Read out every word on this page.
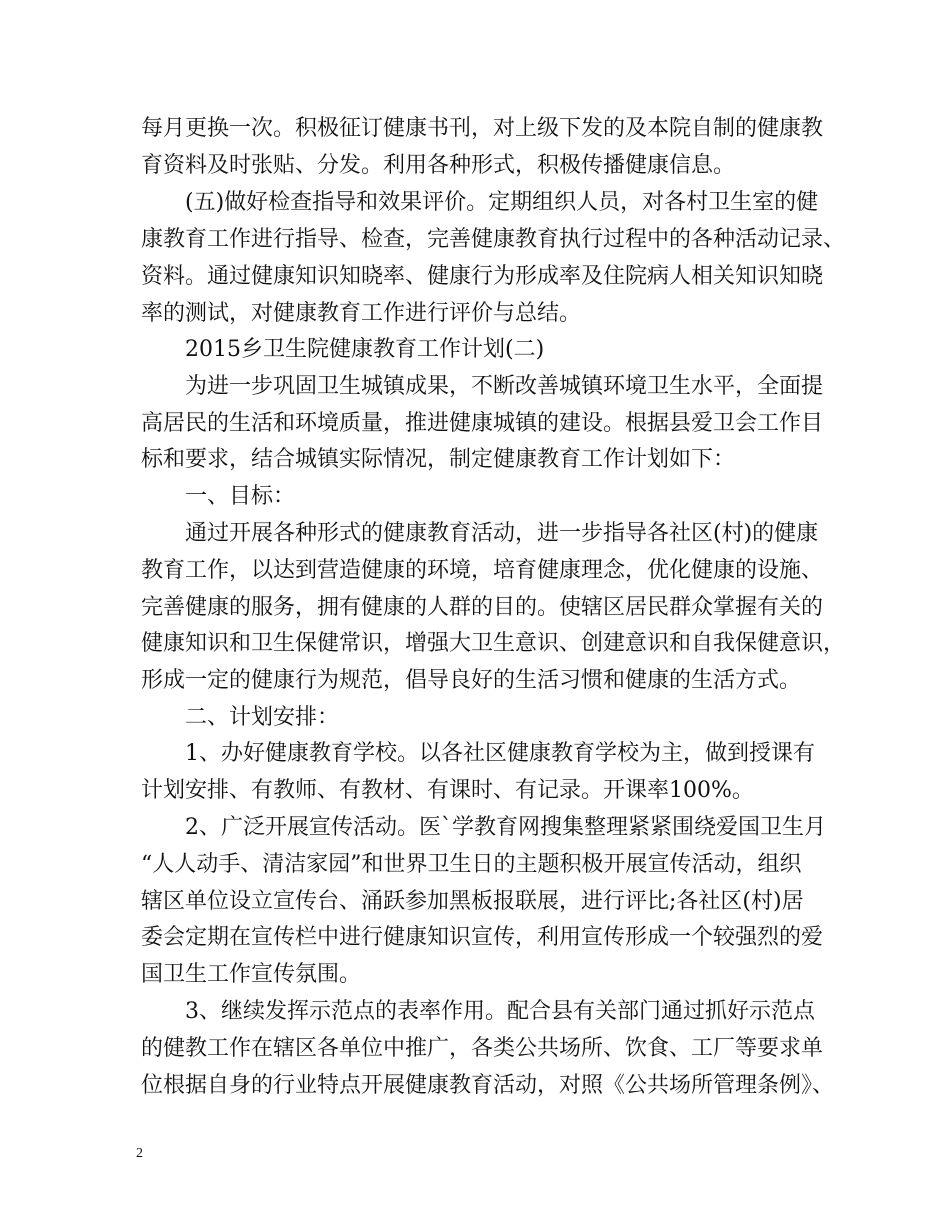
每月更换一次。积极征订健康书刊，对上级下发的及本院自制的健康教
育资料及时张贴、分发。利用各种形式，积极传播健康信息。
(五)做好检查指导和效果评价。定期组织人员，对各村卫生室的健
康教育工作进行指导、检查，完善健康教育执行过程中的各种活动记录、
资料。通过健康知识知晓率、健康行为形成率及住院病人相关知识知晓
率的测试，对健康教育工作进行评价与总结。
2015乡卫生院健康教育工作计划(二)
为进一步巩固卫生城镇成果，不断改善城镇环境卫生水平，全面提
高居民的生活和环境质量，推进健康城镇的建设。根据县爱卫会工作目
标和要求，结合城镇实际情况，制定健康教育工作计划如下：
一、目标：
通过开展各种形式的健康教育活动，进一步指导各社区(村)的健康
教育工作，以达到营造健康的环境，培育健康理念，优化健康的设施、
完善健康的服务，拥有健康的人群的目的。使辖区居民群众掌握有关的
健康知识和卫生保健常识，增强大卫生意识、创建意识和自我保健意识，
形成一定的健康行为规范，倡导良好的生活习惯和健康的生活方式。
二、计划安排：
1、办好健康教育学校。以各社区健康教育学校为主，做到授课有
计划安排、有教师、有教材、有课时、有记录。开课率100%。
2、广泛开展宣传活动。医`学教育网搜集整理紧紧围绕爱国卫生月
“人人动手、清洁家园”和世界卫生日的主题积极开展宣传活动，组织
辖区单位设立宣传台、涌跃参加黑板报联展，进行评比;各社区(村)居
委会定期在宣传栏中进行健康知识宣传，利用宣传形成一个较强烈的爱
国卫生工作宣传氛围。
3、继续发挥示范点的表率作用。配合县有关部门通过抓好示范点
的健教工作在辖区各单位中推广，各类公共场所、饮食、工厂等要求单
位根据自身的行业特点开展健康教育活动，对照《公共场所管理条例》、
2
